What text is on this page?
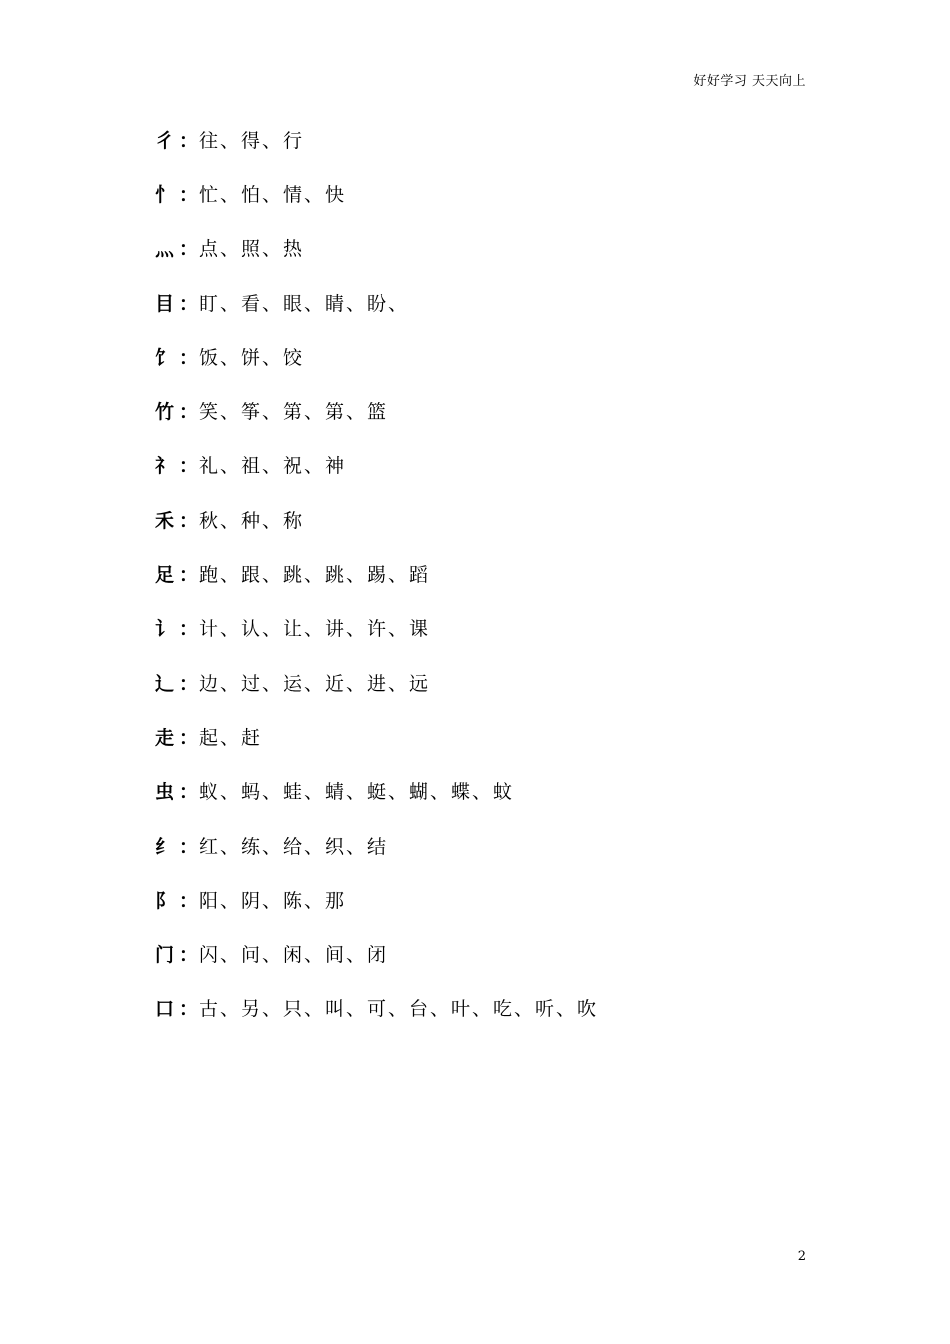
好好学习 天天向上
彳 ： 往、得、行
忄 ： 忙、怕、情、快
灬 ： 点、照、热
目 ： 盯、看、眼、睛、盼、
饣 ： 饭、饼、饺
竹 ： 笑、筝、第、第、篮
礻 ： 礼、祖、祝、神
禾 ： 秋、种、称
足 ： 跑、跟、跳、跳、踢、蹈
讠 ： 计、认、让、讲、许、课
辶 ： 边、过、运、近、进、远
走 ： 起、赶
虫 ： 蚁、蚂、蛙、蜻、蜓、蝴、蝶、蚊
纟 ： 红、练、给、织、结
阝 ： 阳、阴、陈、那
门 ： 闪、问、闲、间、闭
口 ： 古、另、只、叫、可、台、叶、吃、听、吹
2
